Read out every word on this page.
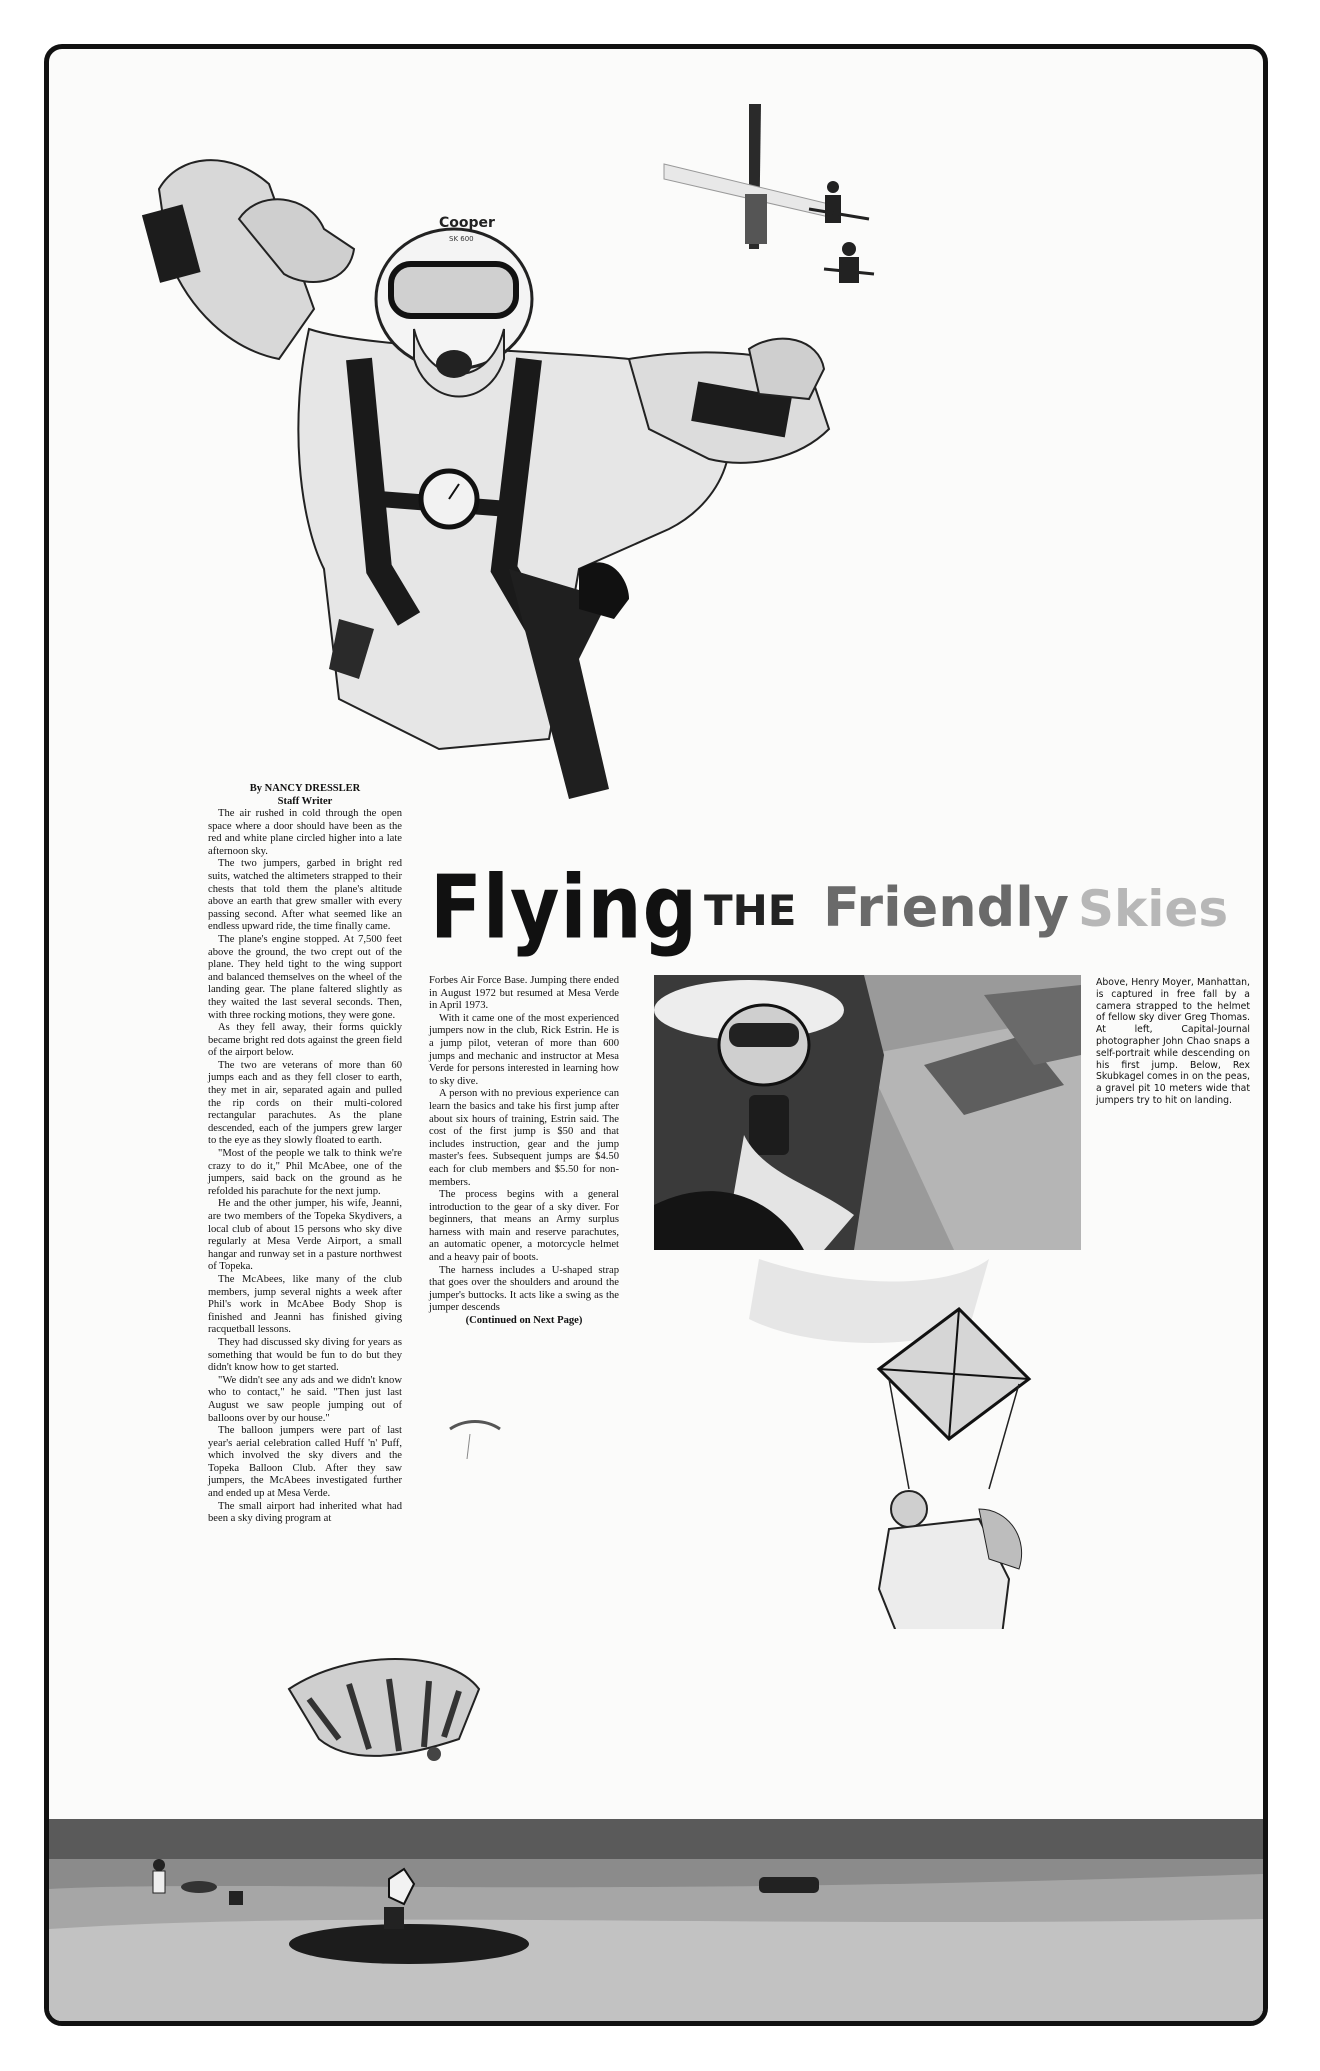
Cooper
SK 600
Flying THE Friendly Skies
By NANCY DRESSLER
Staff Writer

The air rushed in cold through the open space where a door should have been as the red and white plane circled higher into a late afternoon sky.

The two jumpers, garbed in bright red suits, watched the altimeters strapped to their chests that told them the plane's altitude above an earth that grew smaller with every passing second. After what seemed like an endless upward ride, the time finally came.

The plane's engine stopped. At 7,500 feet above the ground, the two crept out of the plane. They held tight to the wing support and balanced themselves on the wheel of the landing gear. The plane faltered slightly as they waited the last several seconds. Then, with three rocking motions, they were gone.

As they fell away, their forms quickly became bright red dots against the green field of the airport below.

The two are veterans of more than 60 jumps each and as they fell closer to earth, they met in air, separated again and pulled the rip cords on their multi-colored rectangular parachutes. As the plane descended, each of the jumpers grew larger to the eye as they slowly floated to earth.

"Most of the people we talk to think we're crazy to do it," Phil McAbee, one of the jumpers, said back on the ground as he refolded his parachute for the next jump.

He and the other jumper, his wife, Jeanni, are two members of the Topeka Skydivers, a local club of about 15 persons who sky dive regularly at Mesa Verde Airport, a small hangar and runway set in a pasture northwest of Topeka.

The McAbees, like many of the club members, jump several nights a week after Phil's work in McAbee Body Shop is finished and Jeanni has finished giving racquetball lessons.

They had discussed sky diving for years as something that would be fun to do but they didn't know how to get started.

"We didn't see any ads and we didn't know who to contact," he said. "Then just last August we saw people jumping out of balloons over by our house."

The balloon jumpers were part of last year's aerial celebration called Huff 'n' Puff, which involved the sky divers and the Topeka Balloon Club. After they saw jumpers, the McAbees investigated further and ended up at Mesa Verde.

The small airport had inherited what had been a sky diving program at

Forbes Air Force Base. Jumping there ended in August 1972 but resumed at Mesa Verde in April 1973.

With it came one of the most experienced jumpers now in the club, Rick Estrin. He is a jump pilot, veteran of more than 600 jumps and mechanic and instructor at Mesa Verde for persons interested in learning how to sky dive.

A person with no previous experience can learn the basics and take his first jump after about six hours of training, Estrin said. The cost of the first jump is $50 and that includes instruction, gear and the jump master's fees. Subsequent jumps are $4.50 each for club members and $5.50 for non-members.

The process begins with a general introduction to the gear of a sky diver. For beginners, that means an Army surplus harness with main and reserve parachutes, an automatic opener, a motorcycle helmet and a heavy pair of boots.

The harness includes a U-shaped strap that goes over the shoulders and around the jumper's buttocks. It acts like a swing as the jumper descends

(Continued on Next Page)

Above, Henry Moyer, Manhattan, is captured in free fall by a camera strapped to the helmet of fellow sky diver Greg Thomas. At left, Capital-Journal photographer John Chao snaps a self-portrait while descending on his first jump. Below, Rex Skubkagel comes in on the peas, a gravel pit 10 meters wide that jumpers try to hit on landing.
